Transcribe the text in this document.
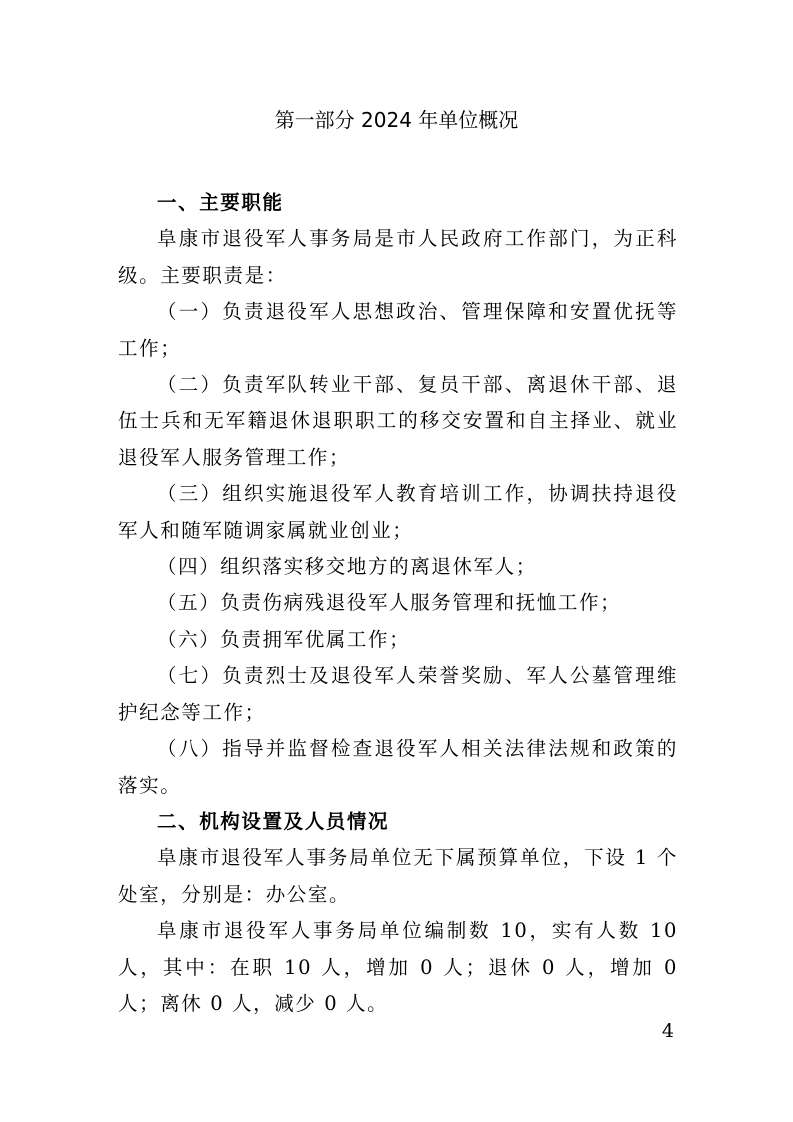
第一部分 2024 年单位概况
一、主要职能

阜康市退役军人事务局是市人民政府工作部门，为正科级。主要职责是：

（一）负责退役军人思想政治、管理保障和安置优抚等工作；

（二）负责军队转业干部、复员干部、离退休干部、退伍士兵和无军籍退休退职职工的移交安置和自主择业、就业退役军人服务管理工作；

（三）组织实施退役军人教育培训工作，协调扶持退役军人和随军随调家属就业创业；

（四）组织落实移交地方的离退休军人；

（五）负责伤病残退役军人服务管理和抚恤工作；

（六）负责拥军优属工作；

（七）负责烈士及退役军人荣誉奖励、军人公墓管理维护纪念等工作；

（八）指导并监督检查退役军人相关法律法规和政策的落实。

二、机构设置及人员情况

阜康市退役军人事务局单位无下属预算单位，下设 1 个处室，分别是：办公室。

阜康市退役军人事务局单位编制数 10，实有人数 10 人，其中：在职 10 人，增加 0 人；退休 0 人，增加 0 人；离休 0 人，减少 0 人。

4
